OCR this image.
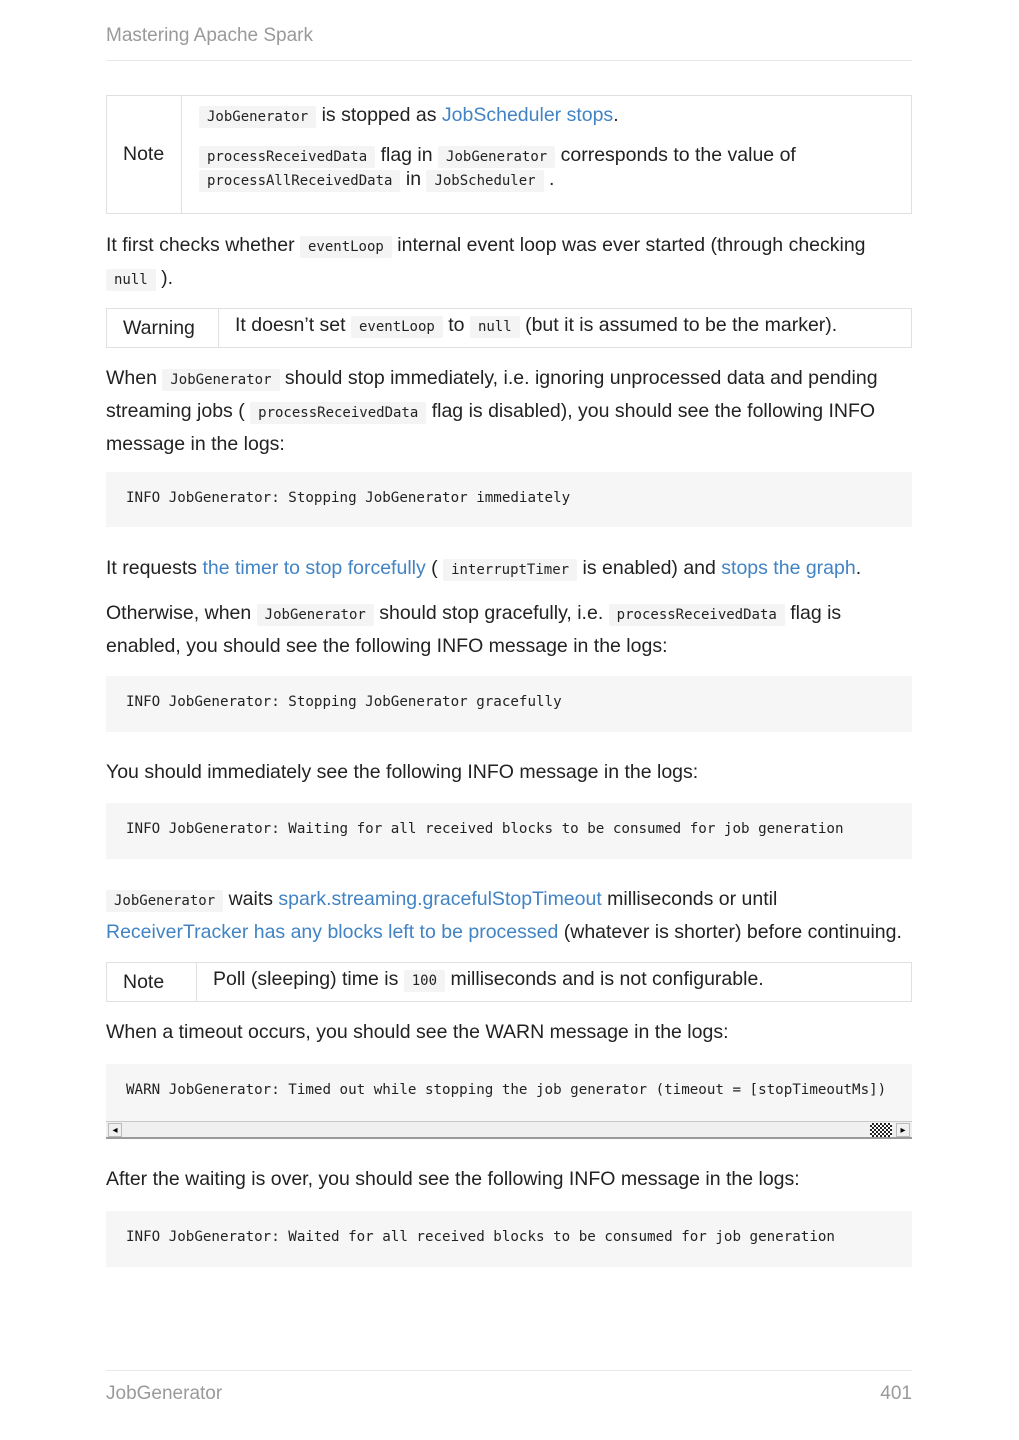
Mastering Apache Spark
Note
JobGenerator is stopped as JobScheduler stops.
processReceivedData flag in JobGenerator corresponds to the value of
processAllReceivedData in JobScheduler .
It first checks whether eventLoop internal event loop was ever started (through checking
null ).
Warning	It doesn’t set eventLoop to null (but it is assumed to be the marker).
When JobGenerator should stop immediately, i.e. ignoring unprocessed data and pending
streaming jobs ( processReceivedData flag is disabled), you should see the following INFO
message in the logs:
INFO JobGenerator: Stopping JobGenerator immediately
It requests the timer to stop forcefully ( interruptTimer is enabled) and stops the graph.
Otherwise, when JobGenerator should stop gracefully, i.e. processReceivedData flag is
enabled, you should see the following INFO message in the logs:
INFO JobGenerator: Stopping JobGenerator gracefully
You should immediately see the following INFO message in the logs:
INFO JobGenerator: Waiting for all received blocks to be consumed for job generation
JobGenerator waits spark.streaming.gracefulStopTimeout milliseconds or until
ReceiverTracker has any blocks left to be processed (whatever is shorter) before continuing.
Note	Poll (sleeping) time is 100 milliseconds and is not configurable.
When a timeout occurs, you should see the WARN message in the logs:
WARN JobGenerator: Timed out while stopping the job generator (timeout = [stopTimeoutMs])
◂	▸
After the waiting is over, you should see the following INFO message in the logs:
INFO JobGenerator: Waited for all received blocks to be consumed for job generation
JobGenerator	401
